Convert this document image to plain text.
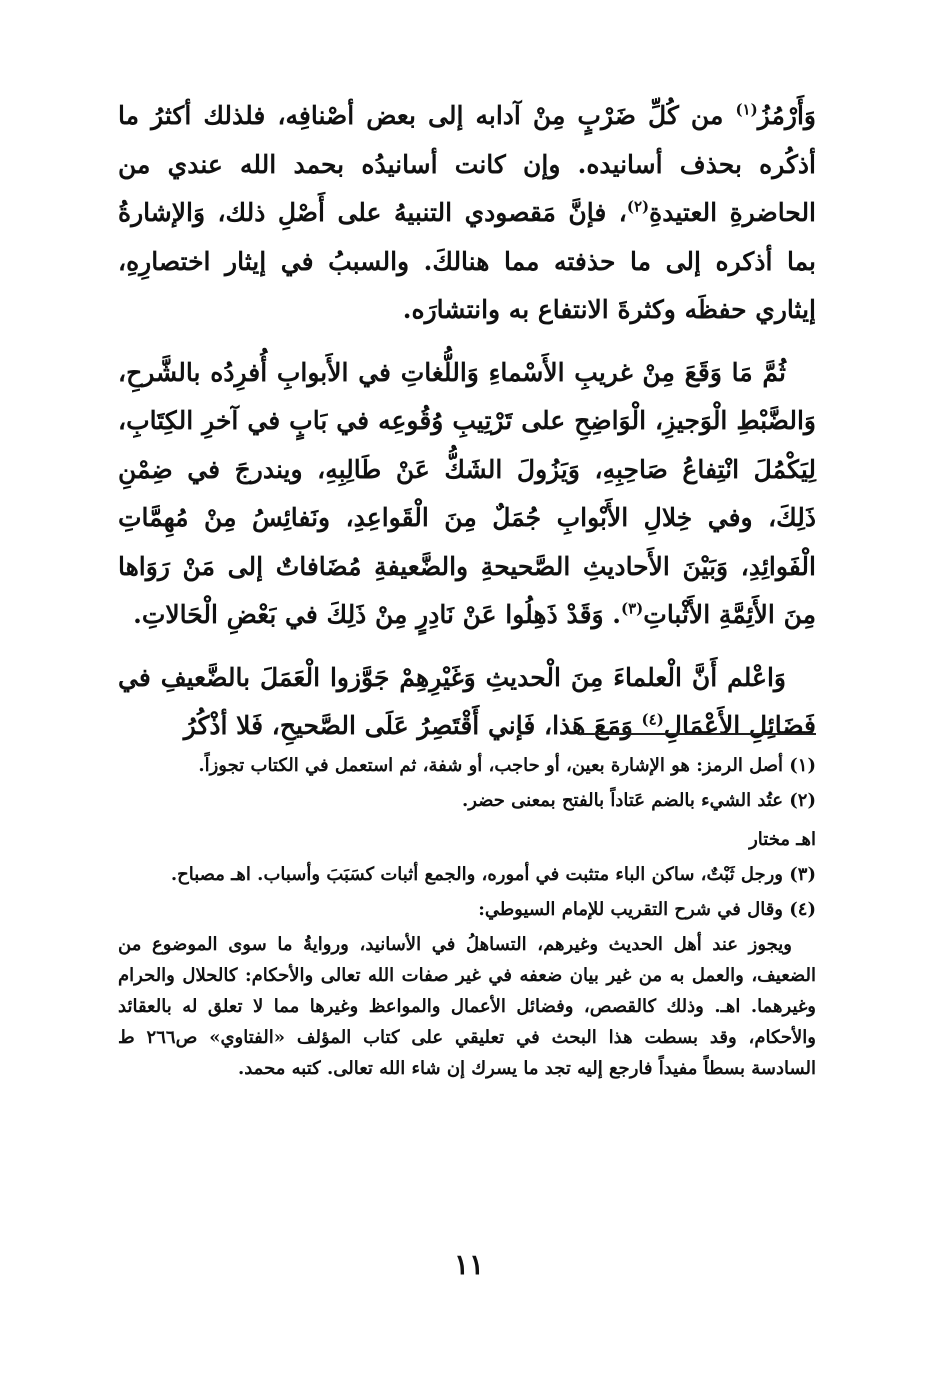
وَأَرْمُزُ$^{(١)}$ من كُلِّ ضَرْبٍ مِنْ آدابه إلى بعض أصْنافِه، فلذلك أكثرُ ما أذكُره بحذف أسانيده. وإن كانت أسانيدُه بحمد الله عندي من الحاضرةِ العتيدةِ$^{(٢)}$، فإنَّ مَقصودي التنبيهُ على أَصْلِ ذلك، وَالإشارةُ بما أذكره إلى ما حذفته مما هنالكَ. والسببُ في إيثار اختصارِهِ، إيثاري حفظَه وكثرةَ الانتفاع به وانتشارَه.

ثُمَّ مَا وَقَعَ مِنْ غريبِ الأَسْماءِ وَاللُّغاتِ في الأَبوابِ أُفرِدُه بالشَّرحِ، وَالضَّبْطِ الْوَجيزِ، الْوَاضِحِ على تَرْتِيبِ وُقُوعِه في بَابٍ في آخرِ الكِتَابِ، لِيَكْمُلَ انْتِفاعُ صَاحِبِهِ، وَيَزُولَ الشَكُّ عَنْ طَالِبِهِ، ويندرجَ في ضِمْنِ ذَلِكَ، وفي خِلالِ الأَبْوابِ جُمَلٌ مِنَ الْقَواعِدِ، ونَفائِسُ مِنْ مُهِمَّاتِ الْفَوائِدِ، وَبَيْنَ الأَحاديثِ الصَّحيحةِ والضَّعيفةِ مُضَافاتٌ إلى مَنْ رَوَاها مِنَ الأَئِمَّةِ الأَثْباتِ$^{(٣)}$. وَقَدْ ذَهِلُوا عَنْ نَادِرٍ مِنْ ذَلِكَ في بَعْضِ الْحَالاتِ.

وَاعْلم أَنَّ الْعلماءَ مِنَ الْحديثِ وَغَيْرِهِمْ جَوَّزوا الْعَمَلَ بالضَّعيفِ في فَضَائِلِ الأَعْمَالِ$^{(٤)}$ وَمَعَ هَذا، فَإني أَقْتَصِرُ عَلَى الصَّحيحِ، فَلا أذْكُرُ

(١) أصل الرمز: هو الإشارة بعين، أو حاجب، أو شفة، ثم استعمل في الكتاب تجوزاً.

(٢) عتُد الشيء بالضم عَتاداً بالفتح بمعنى حضر.

اهـ مختار

(٣) ورجل ثَبْتٌ، ساكن الباء متثبت في أموره، والجمع أثبات كسَبَبَ وأسباب. اهـ مصباح.

(٤) وقال في شرح التقريب للإمام السيوطي:

ويجوز عند أهل الحديث وغيرهم، التساهلُ في الأسانيد، وروايةُ ما سوى الموضوع من الضعيف، والعمل به من غير بيان ضعفه في غير صفات الله تعالى والأحكام: كالحلال والحرام وغيرهما. اهـ. وذلك كالقصص، وفضائل الأعمال والمواعظ وغيرها مما لا تعلق له بالعقائد والأحكام، وقد بسطت هذا البحث في تعليقي على كتاب المؤلف «الفتاوي» ص٢٦٦ ط السادسة بسطاً مفيداً فارجع إليه تجد ما يسرك إن شاء الله تعالى. كتبه محمد.

١١
